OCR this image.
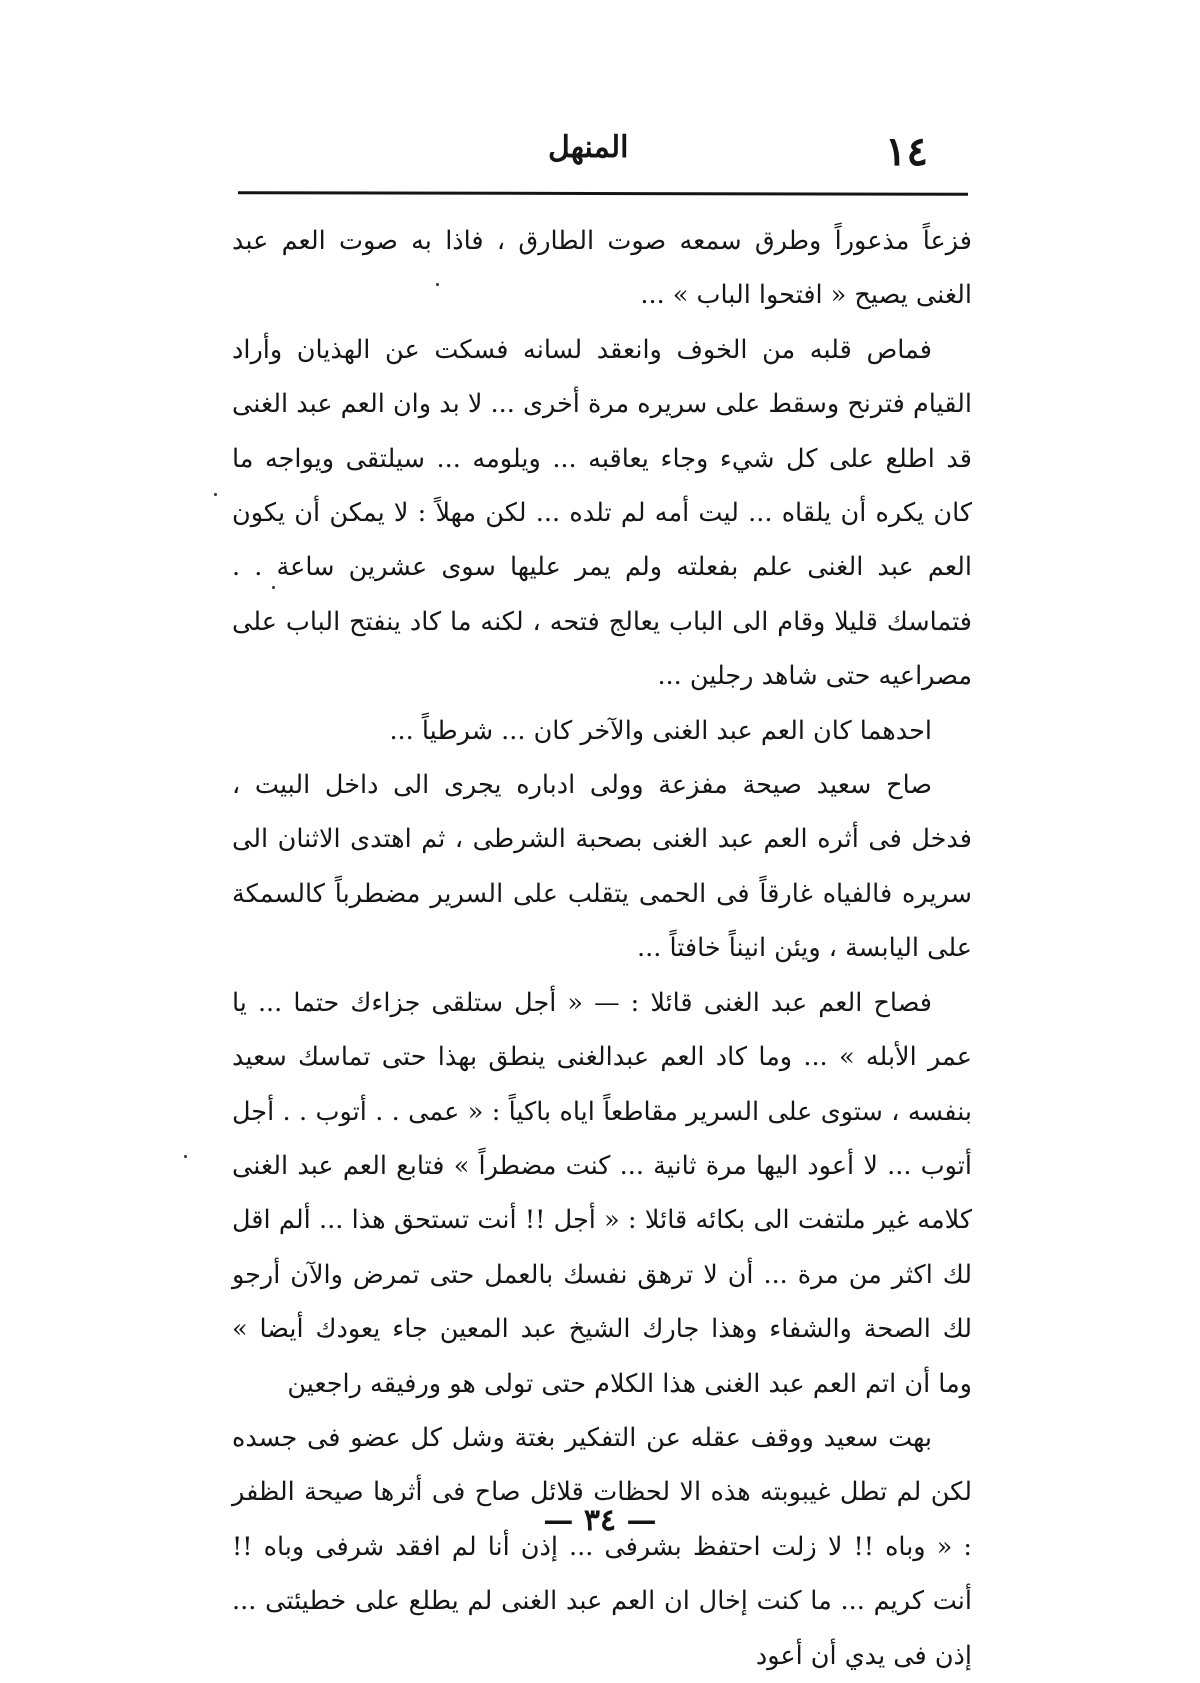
١٤
المنهل

فزعاً مذعوراً وطرق سمعه صوت الطارق ، فاذا به صوت العم عبد الغنى يصيح « افتحوا الباب » ...

فماص قلبه من الخوف وانعقد لسانه فسكت عن الهذيان وأراد القيام فترنح وسقط على سريره مرة أخرى ... لا بد وان العم عبد الغنى قد اطلع على كل شيء وجاء يعاقبه ... ويلومه ... سيلتقى ويواجه ما كان يكره أن يلقاه ... ليت أمه لم تلده ... لكن مهلاً : لا يمكن أن يكون العم عبد الغنى علم بفعلته ولم يمر عليها سوى عشرين ساعة . . فتماسك قليلا وقام الى الباب يعالج فتحه ، لكنه ما كاد ينفتح الباب على مصراعيه حتى شاهد رجلين ...

احدهما كان العم عبد الغنى والآخر كان ... شرطياً ...

صاح سعيد صيحة مفزعة وولى ادباره يجرى الى داخل البيت ، فدخل فى أثره العم عبد الغنى بصحبة الشرطى ، ثم اهتدى الاثنان الى سريره فالفياه غارقاً فى الحمى يتقلب على السرير مضطرباً كالسمكة على اليابسة ، ويئن انيناً خافتاً ...

فصاح العم عبد الغنى قائلا : — « أجل ستلقى جزاءك حتما ... يا عمر الأبله » ... وما كاد العم عبدالغنى ينطق بهذا حتى تماسك سعيد بنفسه ، ستوى على السرير مقاطعاً اياه باكياً : « عمى . . أتوب . . أجل أتوب ... لا أعود اليها مرة ثانية ... كنت مضطراً » فتابع العم عبد الغنى كلامه غير ملتفت الى بكائه قائلا : « أجل !! أنت تستحق هذا ... ألم اقل لك اكثر من مرة ... أن لا ترهق نفسك بالعمل حتى تمرض والآن أرجو لك الصحة والشفاء وهذا جارك الشيخ عبد المعين جاء يعودك أيضا » وما أن اتم العم عبد الغنى هذا الكلام حتى تولى هو ورفيقه راجعين

بهت سعيد ووقف عقله عن التفكير بغتة وشل كل عضو فى جسده لكن لم تطل غيبوبته هذه الا لحظات قلائل صاح فى أثرها صيحة الظفر : « وباه !! لا زلت احتفظ بشرفى ... إذن أنا لم افقد شرفى وباه !! أنت كريم ... ما كنت إخال ان العم عبد الغنى لم يطلع على خطيئتى ... إذن فى يدي أن أعود

— ٣٤ —
